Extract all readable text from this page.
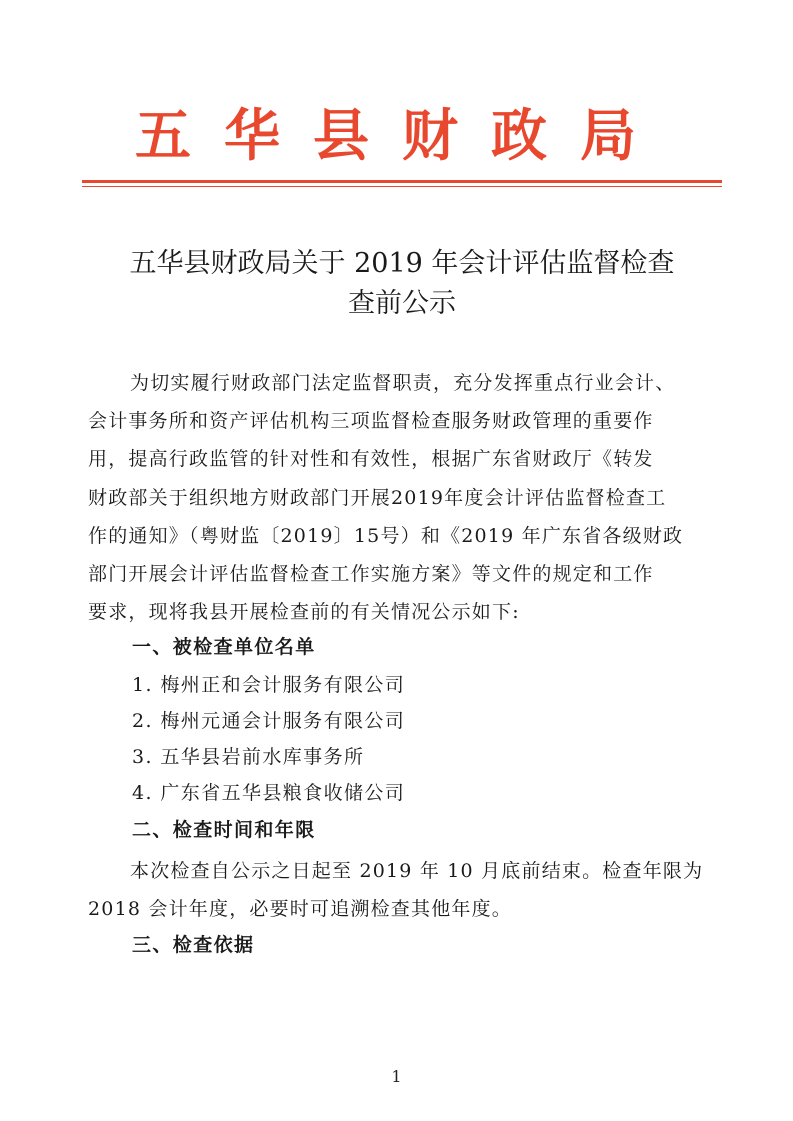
五华县财政局
五华县财政局关于 2019 年会计评估监督检查
查前公示
为切实履行财政部门法定监督职责，充分发挥重点行业会计、
会计事务所和资产评估机构三项监督检查服务财政管理的重要作
用，提高行政监管的针对性和有效性，根据广东省财政厅《转发
财政部关于组织地方财政部门开展2019年度会计评估监督检查工
作的通知》（粤财监〔2019〕15号）和《2019 年广东省各级财政
部门开展会计评估监督检查工作实施方案》等文件的规定和工作
要求，现将我县开展检查前的有关情况公示如下:
一、被检查单位名单
1. 梅州正和会计服务有限公司
2. 梅州元通会计服务有限公司
3. 五华县岩前水库事务所
4. 广东省五华县粮食收储公司
二、检查时间和年限
本次检查自公示之日起至 2019 年 10 月底前结束。检查年限为
2018 会计年度，必要时可追溯检查其他年度。
三、检查依据
1
